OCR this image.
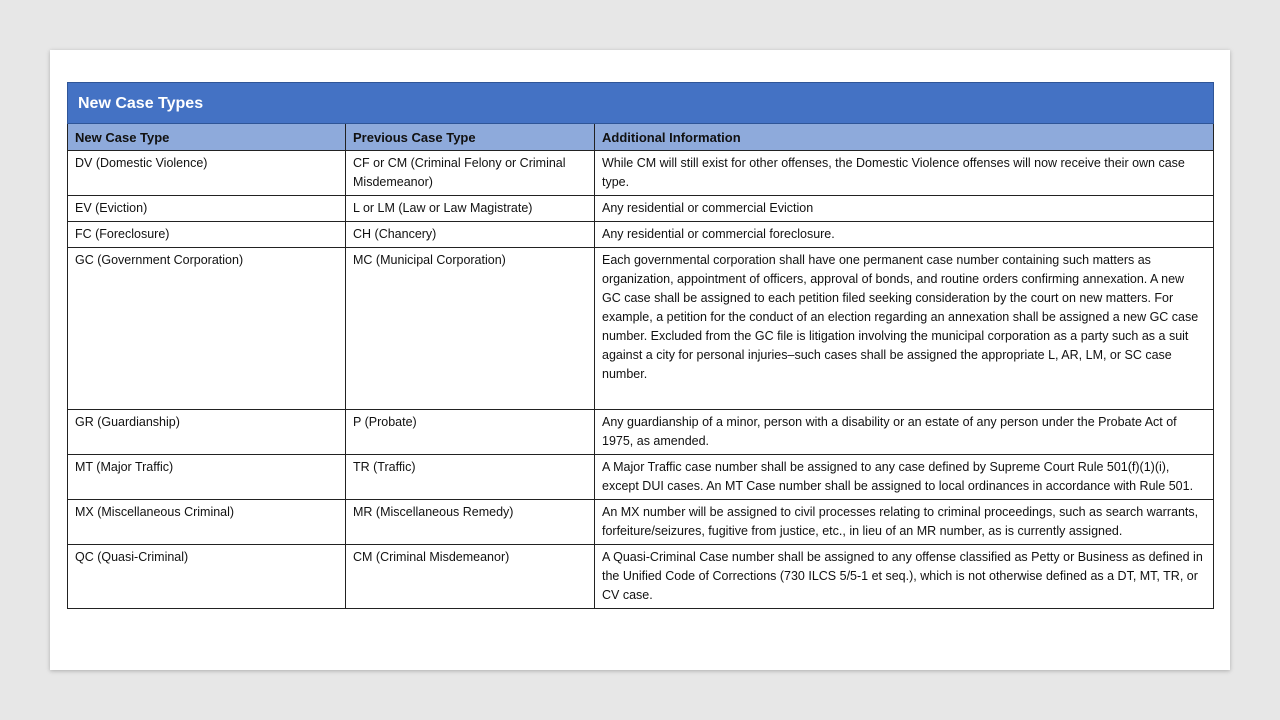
New Case Types		
New Case Type	Previous Case Type	Additional Information
DV (Domestic Violence)	CF or CM (Criminal Felony or Criminal Misdemeanor)	While CM will still exist for other offenses, the Domestic Violence offenses will now receive their own case type.
EV (Eviction)	L or LM (Law or Law Magistrate)	Any residential or commercial Eviction
FC (Foreclosure)	CH (Chancery)	Any residential or commercial foreclosure.
GC (Government Corporation)	MC (Municipal Corporation)	Each governmental corporation shall have one permanent case number containing such matters as organization, appointment of officers, approval of bonds, and routine orders confirming annexation. A new GC case shall be assigned to each petition filed seeking consideration by the court on new matters. For example, a petition for the conduct of an election regarding an annexation shall be assigned a new GC case number. Excluded from the GC file is litigation involving the municipal corporation as a party such as a suit against a city for personal injuries–such cases shall be assigned the appropriate L, AR, LM, or SC case number.
GR (Guardianship)	P (Probate)	Any guardianship of a minor, person with a disability or an estate of any person under the Probate Act of 1975, as amended.
MT (Major Traffic)	TR (Traffic)	A Major Traffic case number shall be assigned to any case defined by Supreme Court Rule 501(f)(1)(i), except DUI cases. An MT Case number shall be assigned to local ordinances in accordance with Rule 501.
MX (Miscellaneous Criminal)	MR (Miscellaneous Remedy)	An MX number will be assigned to civil processes relating to criminal proceedings, such as search warrants, forfeiture/seizures, fugitive from justice, etc., in lieu of an MR number, as is currently assigned.
QC (Quasi-Criminal)	CM (Criminal Misdemeanor)	A Quasi-Criminal Case number shall be assigned to any offense classified as Petty or Business as defined in the Unified Code of Corrections (730 ILCS 5/5-1 et seq.), which is not otherwise defined as a DT, MT, TR, or CV case.
